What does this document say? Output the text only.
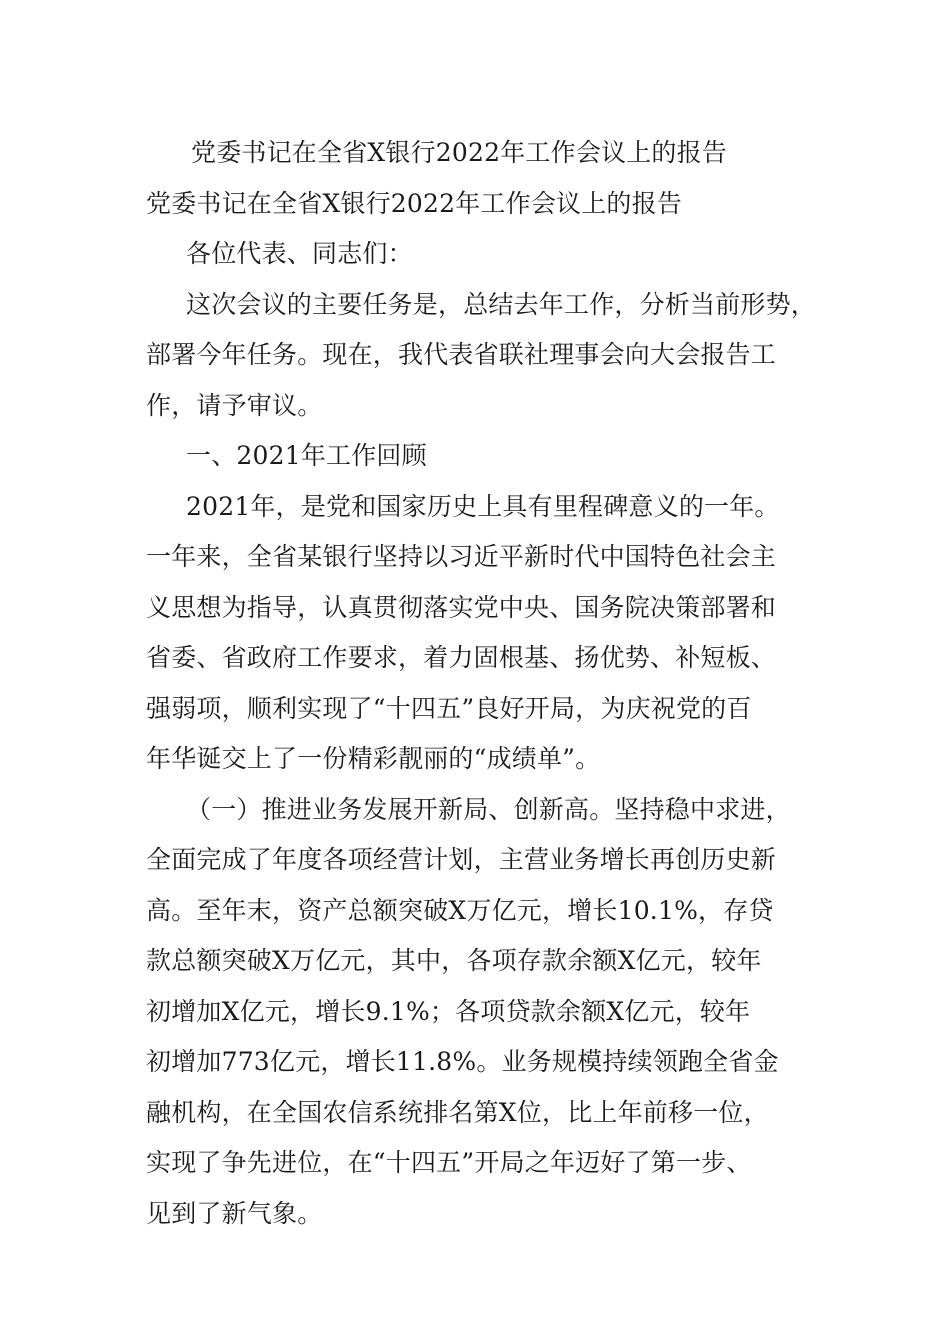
党委书记在全省X银行2022年工作会议上的报告
党委书记在全省X银行2022年工作会议上的报告
各位代表、同志们：
这次会议的主要任务是，总结去年工作，分析当前形势，
部署今年任务。现在，我代表省联社理事会向大会报告工
作，请予审议。
一、2021年工作回顾
2021年，是党和国家历史上具有里程碑意义的一年。
一年来，全省某银行坚持以习近平新时代中国特色社会主
义思想为指导，认真贯彻落实党中央、国务院决策部署和
省委、省政府工作要求，着力固根基、扬优势、补短板、
强弱项，顺利实现了“十四五”良好开局，为庆祝党的百
年华诞交上了一份精彩靓丽的“成绩单”。
（一）推进业务发展开新局、创新高。坚持稳中求进，
全面完成了年度各项经营计划，主营业务增长再创历史新
高。至年末，资产总额突破X万亿元，增长10.1%，存贷
款总额突破X万亿元，其中，各项存款余额X亿元，较年
初增加X亿元，增长9.1%；各项贷款余额X亿元，较年
初增加773亿元，增长11.8%。业务规模持续领跑全省金
融机构，在全国农信系统排名第X位，比上年前移一位，
实现了争先进位，在“十四五”开局之年迈好了第一步、
见到了新气象。
